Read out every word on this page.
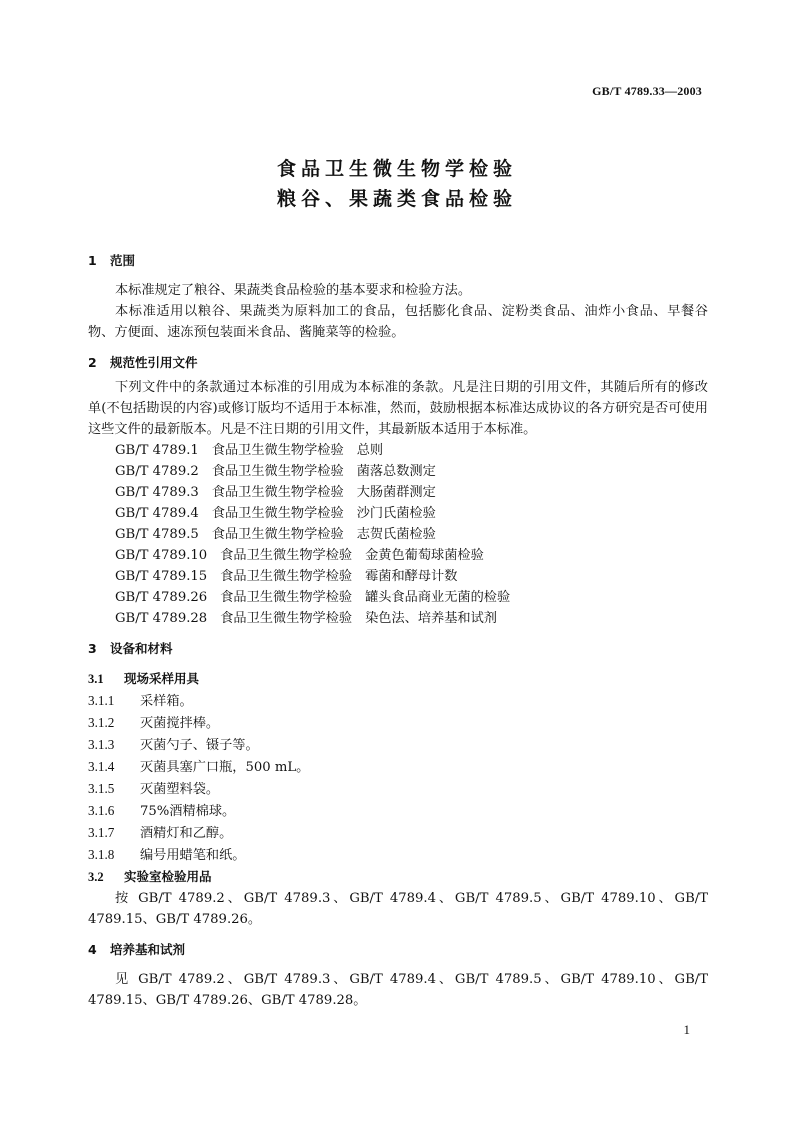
GB/T 4789.33—2003
食品卫生微生物学检验
粮谷、果蔬类食品检验
1 范围
本标准规定了粮谷、果蔬类食品检验的基本要求和检验方法。
本标准适用以粮谷、果蔬类为原料加工的食品，包括膨化食品、淀粉类食品、油炸小食品、早餐谷物、方便面、速冻预包装面米食品、酱腌菜等的检验。
2 规范性引用文件
下列文件中的条款通过本标准的引用成为本标准的条款。凡是注日期的引用文件，其随后所有的修改单(不包括勘误的内容)或修订版均不适用于本标准，然而，鼓励根据本标准达成协议的各方研究是否可使用这些文件的最新版本。凡是不注日期的引用文件，其最新版本适用于本标准。
GB/T 4789.1 食品卫生微生物学检验 总则
GB/T 4789.2 食品卫生微生物学检验 菌落总数测定
GB/T 4789.3 食品卫生微生物学检验 大肠菌群测定
GB/T 4789.4 食品卫生微生物学检验 沙门氏菌检验
GB/T 4789.5 食品卫生微生物学检验 志贺氏菌检验
GB/T 4789.10 食品卫生微生物学检验 金黄色葡萄球菌检验
GB/T 4789.15 食品卫生微生物学检验 霉菌和酵母计数
GB/T 4789.26 食品卫生微生物学检验 罐头食品商业无菌的检验
GB/T 4789.28 食品卫生微生物学检验 染色法、培养基和试剂
3 设备和材料
3.1 现场采样用具
3.1.1 采样箱。
3.1.2 灭菌搅拌棒。
3.1.3 灭菌勺子、镊子等。
3.1.4 灭菌具塞广口瓶，500 mL。
3.1.5 灭菌塑料袋。
3.1.6 75%酒精棉球。
3.1.7 酒精灯和乙醇。
3.1.8 编号用蜡笔和纸。
3.2 实验室检验用品
按 GB/T 4789.2、GB/T 4789.3、GB/T 4789.4、GB/T 4789.5、GB/T 4789.10、GB/T 4789.15、GB/T 4789.26。
4 培养基和试剂
见 GB/T 4789.2、GB/T 4789.3、GB/T 4789.4、GB/T 4789.5、GB/T 4789.10、GB/T 4789.15、GB/T 4789.26、GB/T 4789.28。
1
